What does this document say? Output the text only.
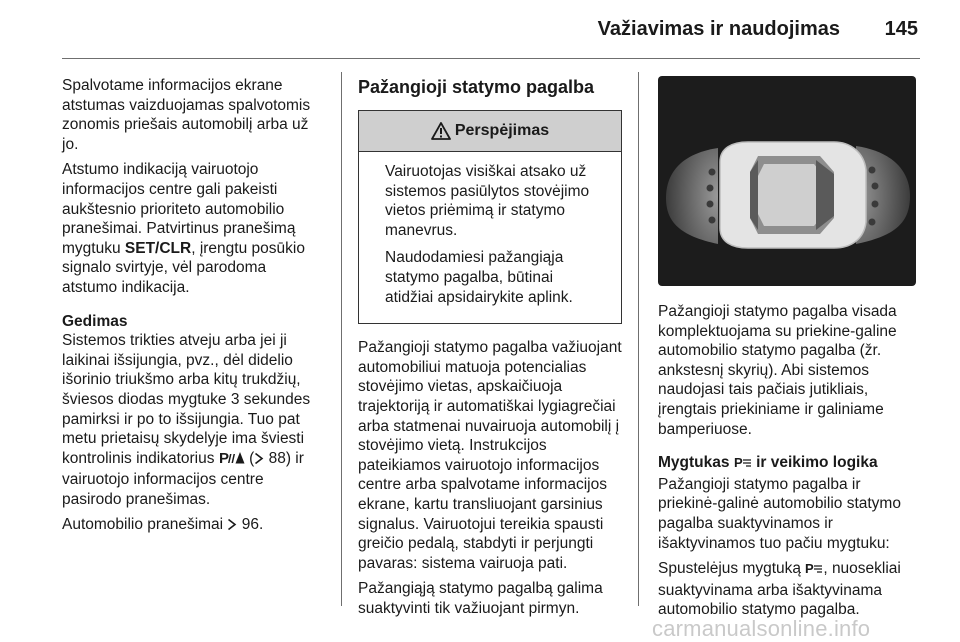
Važiavimas ir naudojimas 145

Spalvotame informacijos ekrane atstumas vaizduojamas spalvotomis zonomis priešais automobilį arba už jo.

Atstumo indikaciją vairuotojo informacijos centre gali pakeisti aukštesnio prioriteto automobilio pranešimai. Patvirtinus pranešimą mygtuku SET/CLR, įrengtu posūkio signalo svirtyje, vėl parodoma atstumo indikacija.

Gedimas
Sistemos trikties atveju arba jei ji laikinai išsijungia, pvz., dėl didelio išorinio triukšmo arba kitų trukdžių, šviesos diodas mygtuke 3 sekundes pamirksi ir po to išsijungia. Tuo pat metu prietaisų skydelyje ima šviesti kontrolinis indikatorius P ( 88) ir vairuotojo informacijos centre pasirodo pranešimas.

Automobilio pranešimai  96.

Pažangioji statymo pagalba
Perspėjimas

Vairuotojas visiškai atsako už sistemos pasiūlytos stovėjimo vietos priėmimą ir statymo manevrus.

Naudodamiesi pažangiąja statymo pagalba, būtinai atidžiai apsidairykite aplink.

Pažangioji statymo pagalba važiuojant automobiliui matuoja potencialias stovėjimo vietas, apskaičiuoja trajektoriją ir automatiškai lygiagrečiai arba statmenai nuvairuoja automobilį į stovėjimo vietą. Instrukcijos pateikiamos vairuotojo informacijos centre arba spalvotame informacijos ekrane, kartu transliuojant garsinius signalus. Vairuotojui tereikia spausti greičio pedalą, stabdyti ir perjungti pavaras: sistema vairuoja pati.

Pažangiąją statymo pagalbą galima suaktyvinti tik važiuojant pirmyn.

Pažangioji statymo pagalba visada komplektuojama su priekine-galine automobilio statymo pagalba (žr. ankstesnį skyrių). Abi sistemos naudojasi tais pačiais jutikliais, įrengtais priekiniame ir galiniame bamperiuose.

Mygtukas P ir veikimo logika
Pažangioji statymo pagalba ir priekinė-galinė automobilio statymo pagalba suaktyvinamos ir išaktyvinamos tuo pačiu mygtuku:

Spustelėjus mygtuką P , nuosekliai suaktyvinama arba išaktyvinama automobilio statymo pagalba.

carmanualsonline.info
